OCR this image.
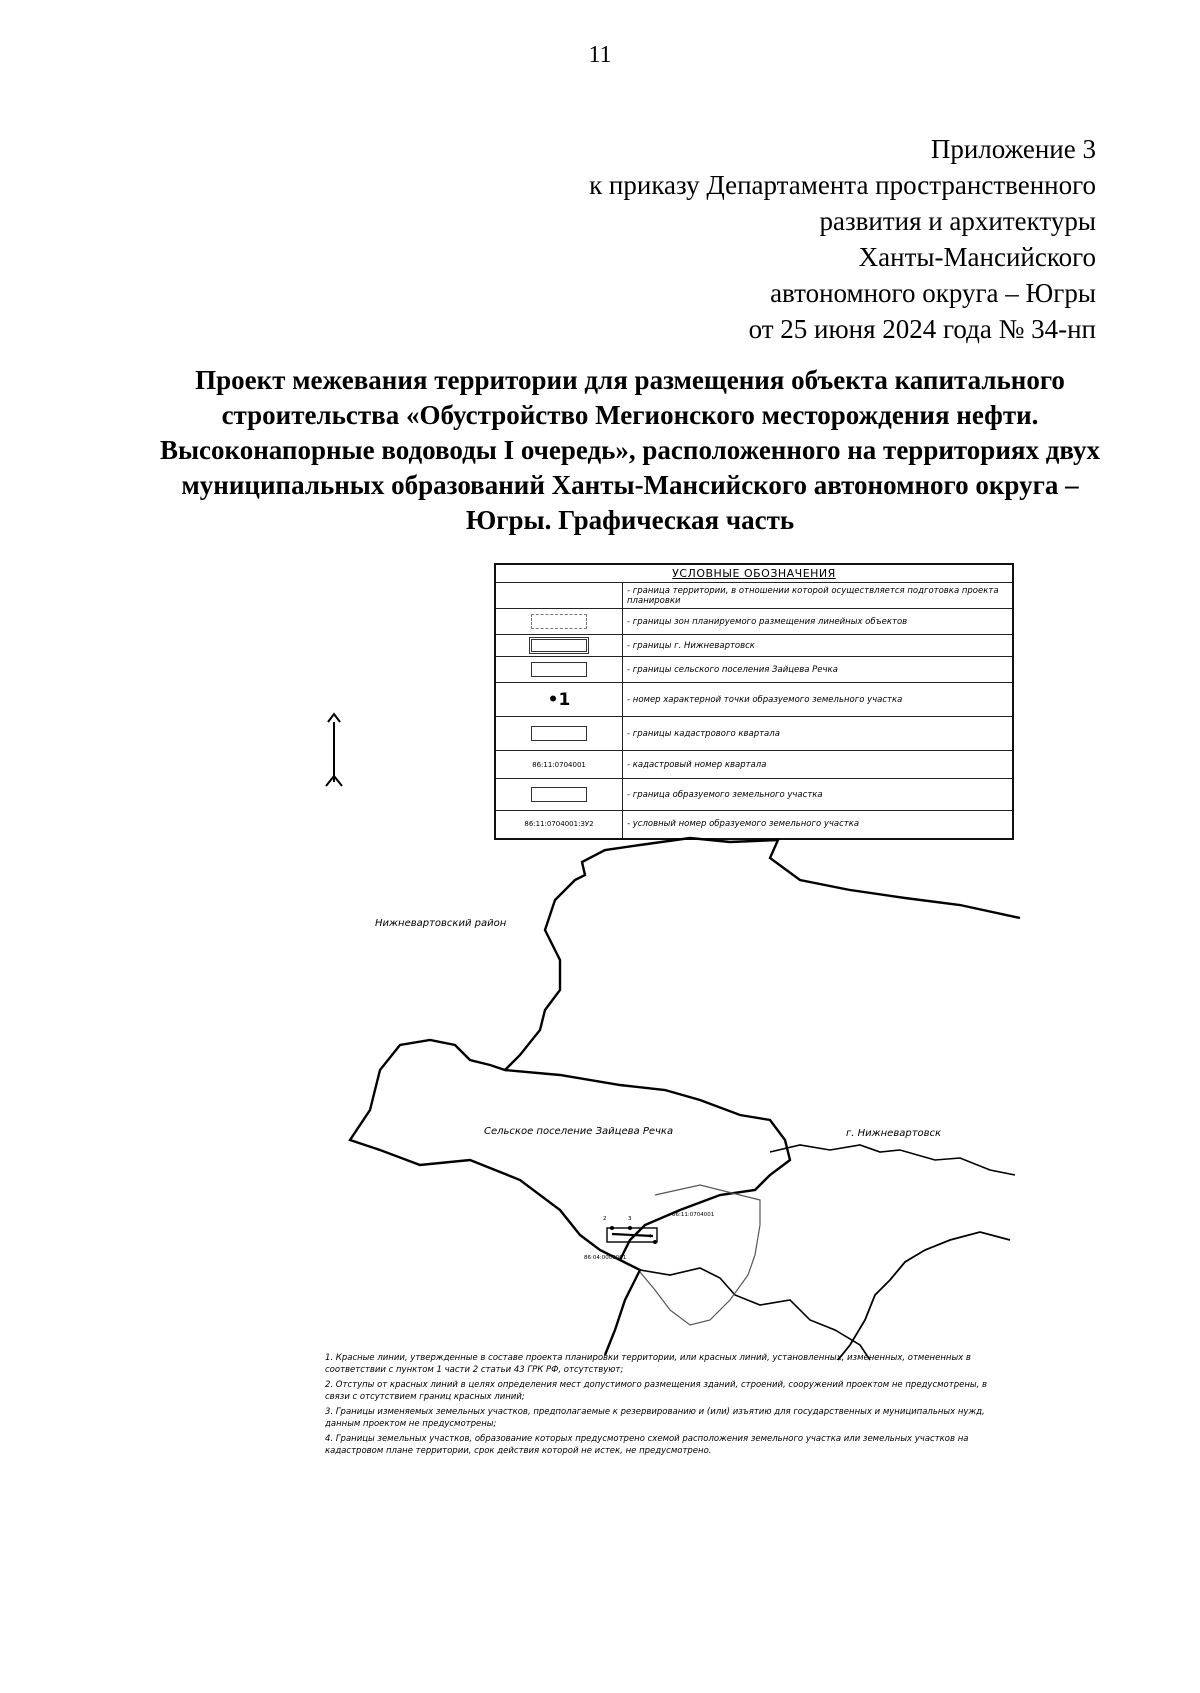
11
Приложение 3
к приказу Департамента пространственного
развития и архитектуры
Ханты-Мансийского
автономного округа – Югры
от 25 июня 2024 года № 34-нп
Проект межевания территории для размещения объекта капитального строительства «Обустройство Мегионского месторождения нефти. Высоконапорные водоводы I очередь», расположенного на территориях двух муниципальных образований Ханты-Мансийского автономного округа – Югры. Графическая часть
УСЛОВНЫЕ ОБОЗНАЧЕНИЯ	
	- граница территории, в отношении которой осуществляется подготовка проекта планировки
	- границы зон планируемого размещения линейных объектов
	- границы г. Нижневартовск
	- границы сельского поселения Зайцева Речка
•1	- номер характерной точки образуемого земельного участка
	- границы кадастрового квартала
86:11:0704001	- кадастровый номер квартала
	- граница образуемого земельного участка
86:11:0704001:ЗУ2	- условный номер образуемого земельного участка
Нижневартовский район
Сельское поселение Зайцева Речка	г. Нижневартовск
86:11:0704001
86:04:0000001
2	3
4

1. Красные линии, утвержденные в составе проекта планировки территории, или красных линий, установленных, измененных, отмененных в соответствии с пунктом 1 части 2 статьи 43 ГРК РФ, отсутствуют;

2. Отступы от красных линий в целях определения мест допустимого размещения зданий, строений, сооружений проектом не предусмотрены, в связи с отсутствием границ красных линий;

3. Границы изменяемых земельных участков, предполагаемые к резервированию и (или) изъятию для государственных и муниципальных нужд, данным проектом не предусмотрены;

4. Границы земельных участков, образование которых предусмотрено схемой расположения земельного участка или земельных участков на кадастровом плане территории, срок действия которой не истек, не предусмотрено.
